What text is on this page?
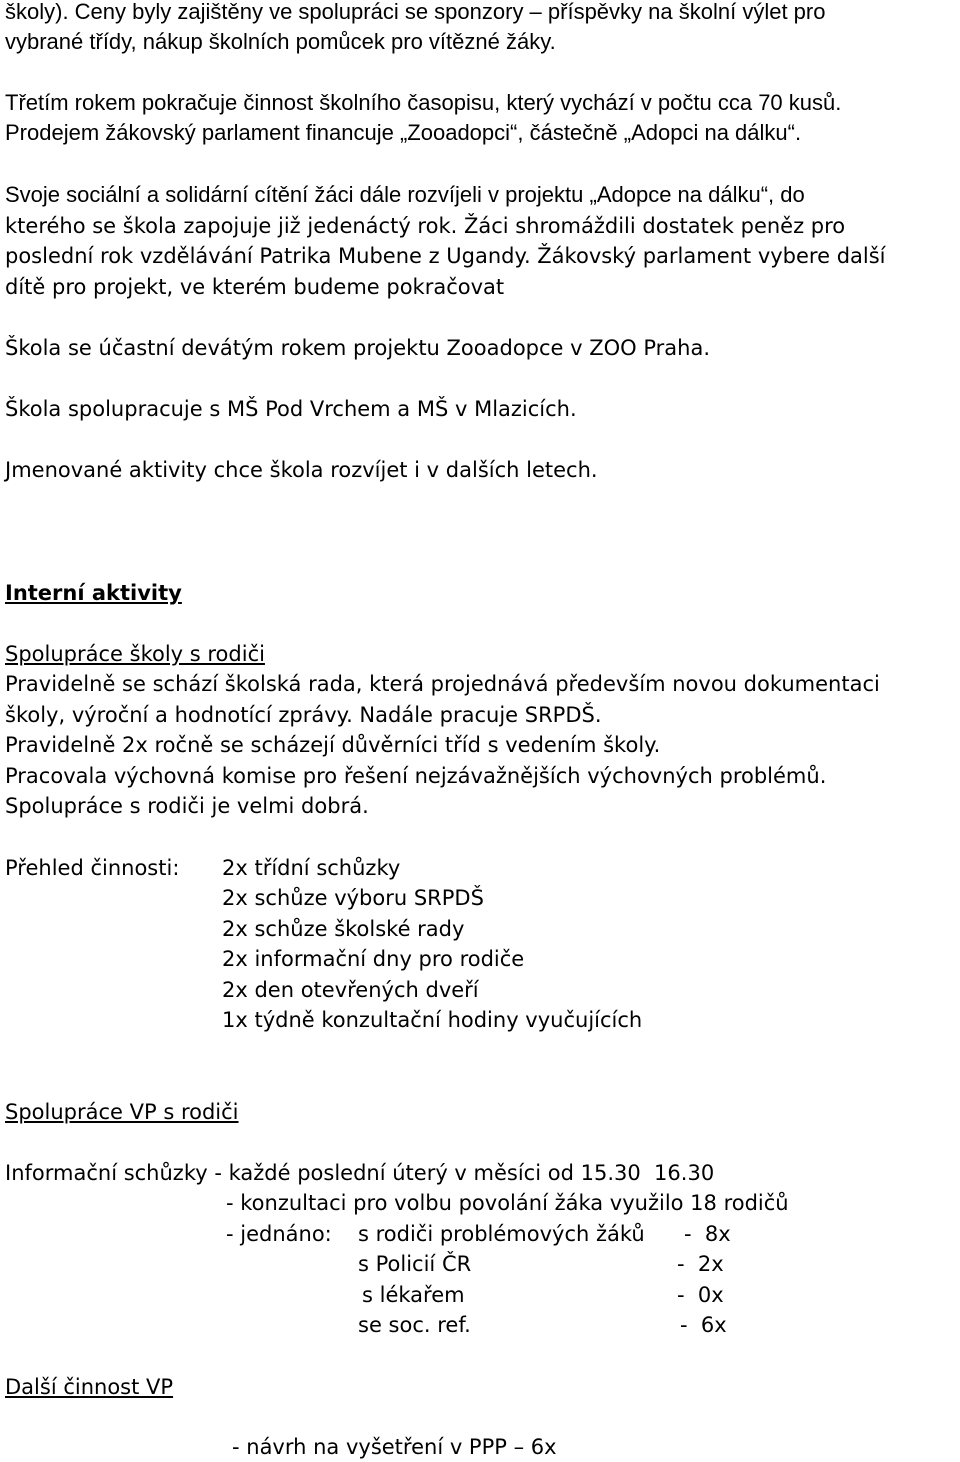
školy). Ceny byly zajištěny ve spolupráci se sponzory – příspěvky na školní výlet pro
vybrané třídy, nákup školních pomůcek pro vítězné žáky.
Třetím rokem pokračuje činnost školního časopisu, který vychází v počtu cca 70 kusů.
Prodejem žákovský parlament financuje „Zooadopci“, částečně „Adopci na dálku“.
Svoje sociální a solidární cítění žáci dále rozvíjeli v projektu „Adopce na dálku“, do
kterého se škola zapojuje již jedenáctý rok. Žáci shromáždili dostatek peněz pro
poslední rok vzdělávání Patrika Mubene z Ugandy. Žákovský parlament vybere další
dítě pro projekt, ve kterém budeme pokračovat
Škola se účastní devátým rokem projektu Zooadopce v ZOO Praha.
Škola spolupracuje s MŠ Pod Vrchem a MŠ v Mlazicích.
Jmenované aktivity chce škola rozvíjet i v dalších letech.
Interní aktivity
Spolupráce školy s rodiči
Pravidelně se schází školská rada, která projednává především novou dokumentaci
školy, výroční a hodnotící zprávy. Nadále pracuje SRPDŠ.
Pravidelně 2x ročně se scházejí důvěrníci tříd s vedením školy.
Pracovala výchovná komise pro řešení nejzávažnějších výchovných problémů.
Spolupráce s rodiči je velmi dobrá.
Přehled činnosti: 2x třídní schůzky
2x schůze výboru SRPDŠ
2x schůze školské rady
2x informační dny pro rodiče
2x den otevřených dveří
1x týdně konzultační hodiny vyučujících
Spolupráce VP s rodiči
Informační schůzky - každé poslední úterý v měsíci od 15.30  16.30
- konzultaci pro volbu povolání žáka využilo 18 rodičů
- jednáno: s rodiči problémových žáků -  8x
s Policií ČR	-  2x
s lékařem	-  0x
se soc. ref.	-  6x
Další činnost VP
- návrh na vyšetření v PPP – 6x
